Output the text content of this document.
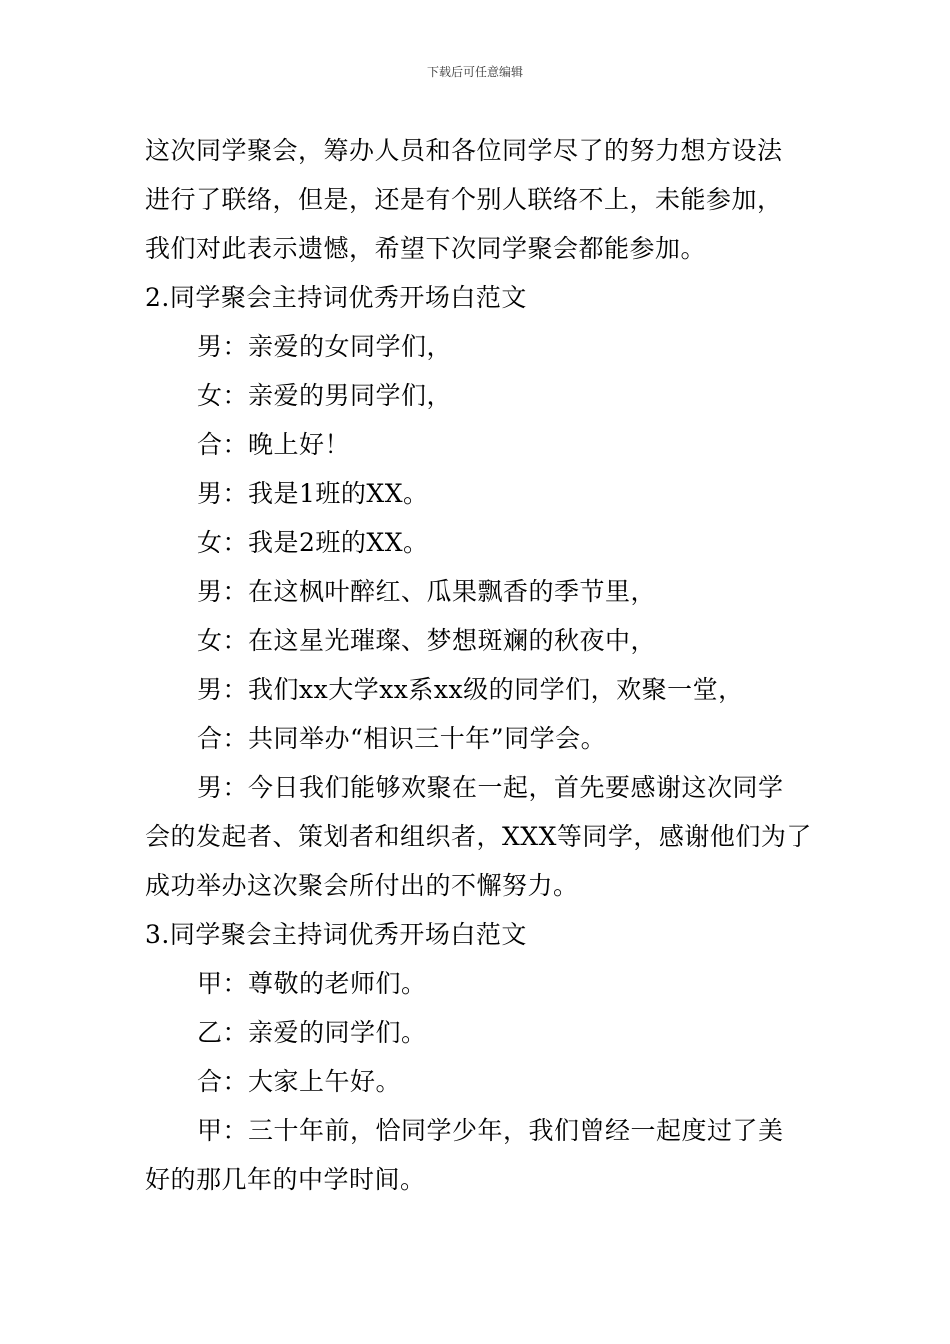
下载后可任意编辑
这次同学聚会，筹办人员和各位同学尽了的努力想方设法
进行了联络，但是，还是有个别人联络不上，未能参加，
我们对此表示遗憾，希望下次同学聚会都能参加。
2.同学聚会主持词优秀开场白范文
男：亲爱的女同学们，
女：亲爱的男同学们，
合：晚上好！
男：我是1班的XX。
女：我是2班的XX。
男：在这枫叶醉红、瓜果飘香的季节里，
女：在这星光璀璨、梦想斑斓的秋夜中，
男：我们xx大学xx系xx级的同学们，欢聚一堂，
合：共同举办“相识三十年”同学会。
男：今日我们能够欢聚在一起，首先要感谢这次同学
会的发起者、策划者和组织者，XXX等同学，感谢他们为了
成功举办这次聚会所付出的不懈努力。
3.同学聚会主持词优秀开场白范文
甲：尊敬的老师们。
乙：亲爱的同学们。
合：大家上午好。
甲：三十年前，恰同学少年，我们曾经一起度过了美
好的那几年的中学时间。
